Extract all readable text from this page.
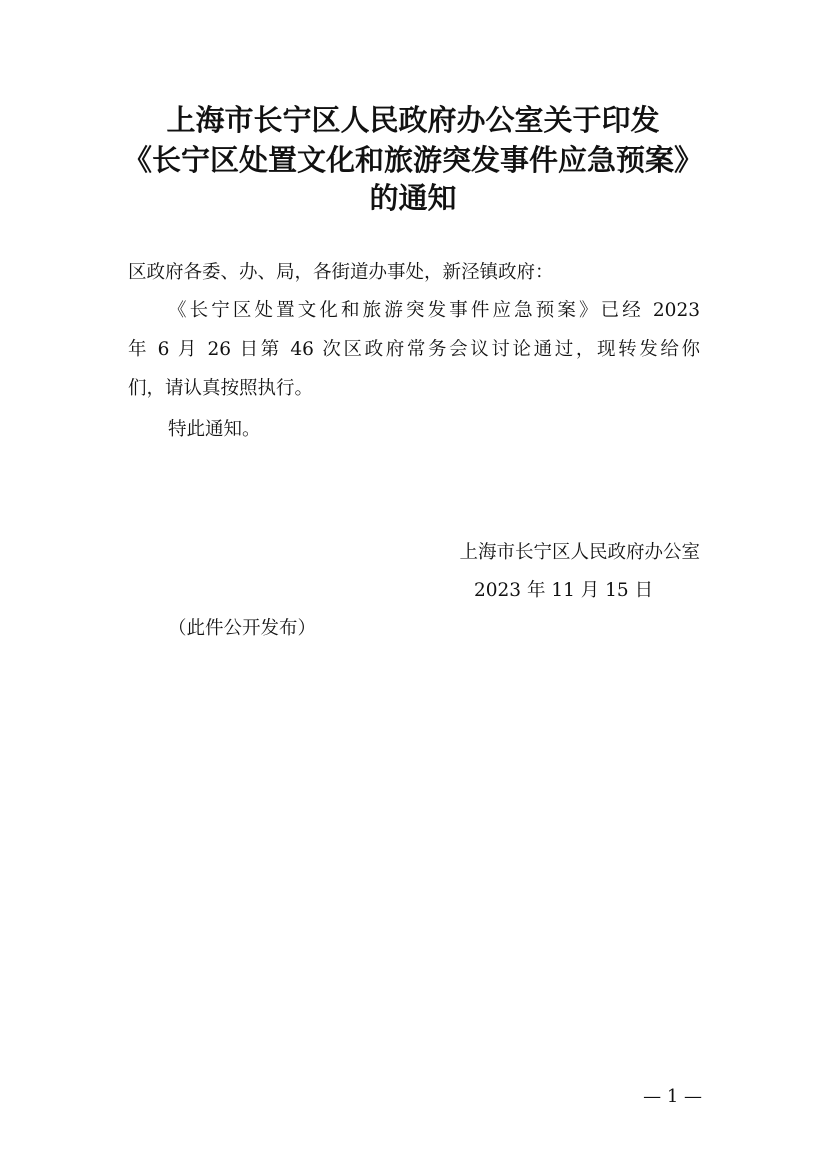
上海市长宁区人民政府办公室关于印发
《长宁区处置文化和旅游突发事件应急预案》
的通知
区政府各委、办、局，各街道办事处，新泾镇政府：
《长宁区处置文化和旅游突发事件应急预案》已经 2023
年 6 月 26 日第 46 次区政府常务会议讨论通过，现转发给你
们，请认真按照执行。
特此通知。
上海市长宁区人民政府办公室
2023 年 11 月 15 日
（此件公开发布）
— 1 —
